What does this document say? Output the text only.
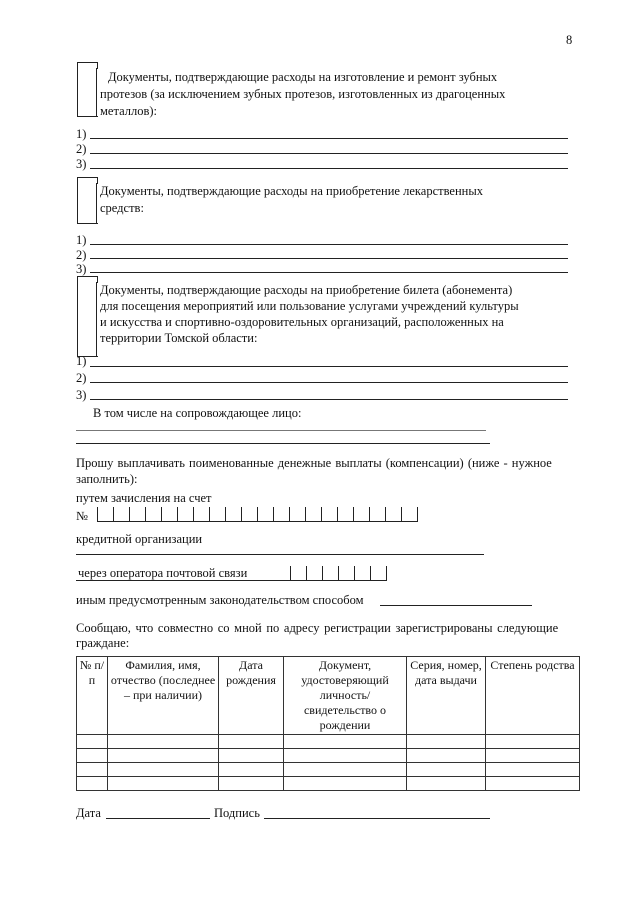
8
Документы, подтверждающие расходы на изготовление и ремонт зубных
протезов (за исключением зубных протезов, изготовленных из драгоценных
металлов):
1)
2)
3)
Документы, подтверждающие расходы на приобретение лекарственных
средств:
1)
2)
3)
Документы, подтверждающие расходы на приобретение билета (абонемента)
для посещения мероприятий или пользование услугами учреждений культуры
и искусства и спортивно-оздоровительных организаций, расположенных на
территории Томской области:
1)
2)
3)
В том числе на сопровождающее лицо:
Прошу выплачивать поименованные денежные выплаты (компенсации) (ниже - нужное
заполнить):
путем зачисления на счет
№
кредитной организации
через оператора почтовой связи
иным предусмотренным законодательством способом
Сообщаю, что совместно со мной по адресу регистрации зарегистрированы следующие
граждане:
№ п/п	Фамилия, имя, отчество (последнее – при наличии)	Дата рождения	Документ, удостоверяющий личность/ свидетельство о рождении	Серия, номер, дата выдачи	Степень родства

Дата	Подпись
